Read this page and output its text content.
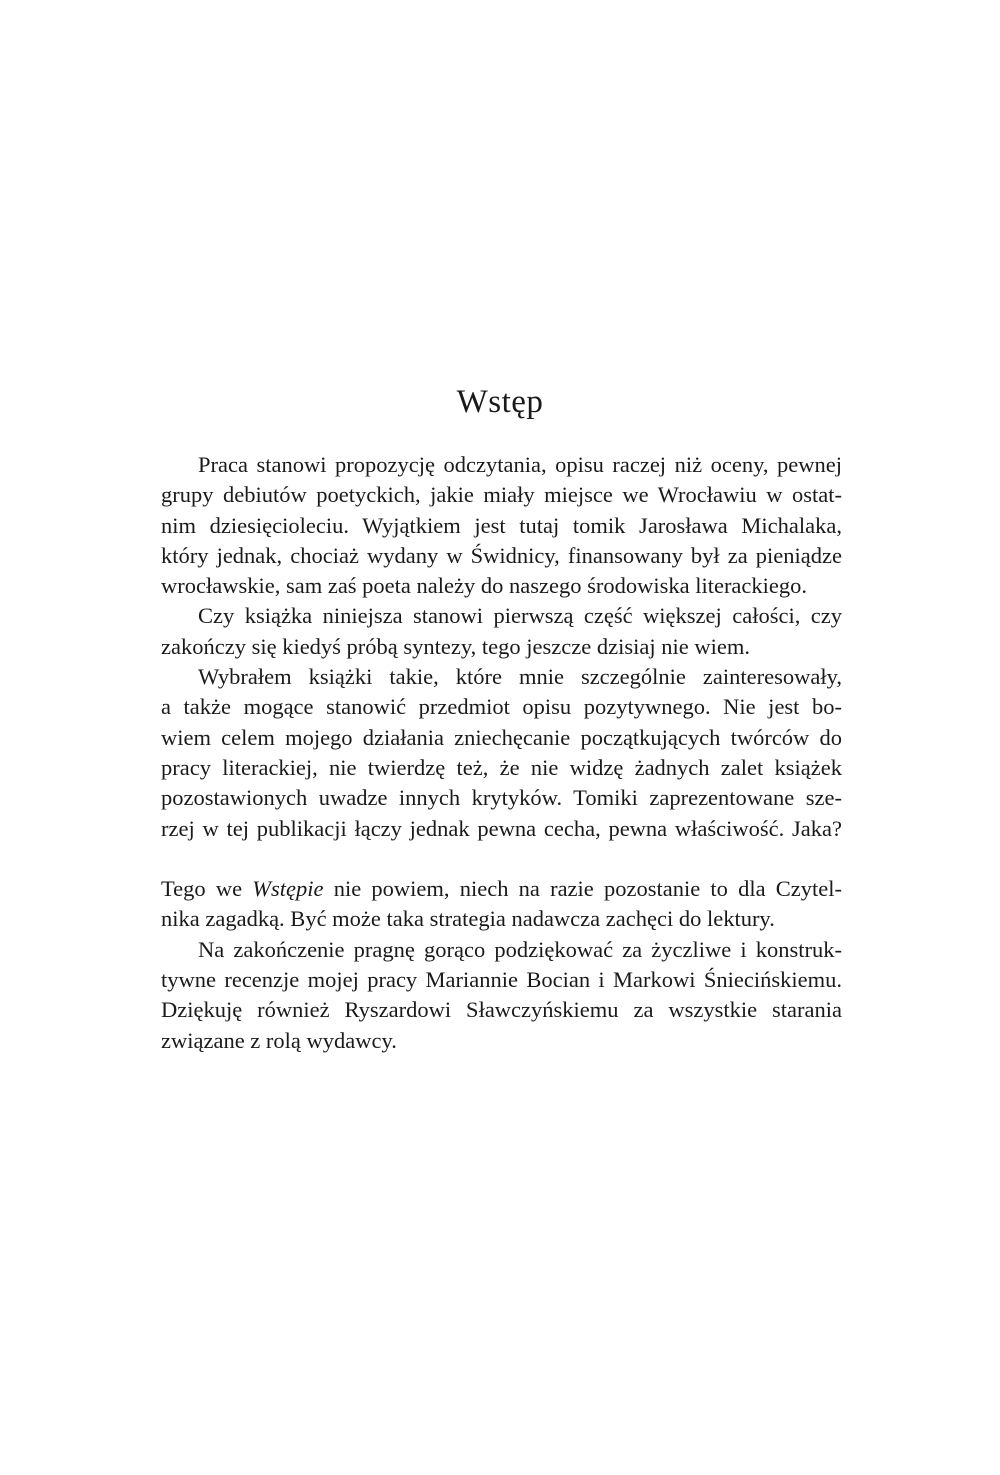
Wstęp
Praca stanowi propozycję odczytania, opisu raczej niż oceny, pewnej
grupy debiutów poetyckich, jakie miały miejsce we Wrocławiu w ostat-
nim dziesięcioleciu. Wyjątkiem jest tutaj tomik Jarosława Michalaka,
który jednak, chociaż wydany w Świdnicy, finansowany był za pieniądze
wrocławskie, sam zaś poeta należy do naszego środowiska literackiego.
Czy książka niniejsza stanowi pierwszą część większej całości, czy
zakończy się kiedyś próbą syntezy, tego jeszcze dzisiaj nie wiem.
Wybrałem książki takie, które mnie szczególnie zainteresowały,
a także mogące stanowić przedmiot opisu pozytywnego. Nie jest bo-
wiem celem mojego działania zniechęcanie początkujących twórców do
pracy literackiej, nie twierdzę też, że nie widzę żadnych zalet książek
pozostawionych uwadze innych krytyków. Tomiki zaprezentowane sze-
rzej w tej publikacji łączy jednak pewna cecha, pewna właściwość. Jaka?
Tego we Wstępie nie powiem, niech na razie pozostanie to dla Czytel-
nika zagadką. Być może taka strategia nadawcza zachęci do lektury.
Na zakończenie pragnę gorąco podziękować za życzliwe i konstruk-
tywne recenzje mojej pracy Mariannie Bocian i Markowi Śniecińskiemu.
Dziękuję również Ryszardowi Sławczyńskiemu za wszystkie starania
związane z rolą wydawcy.
